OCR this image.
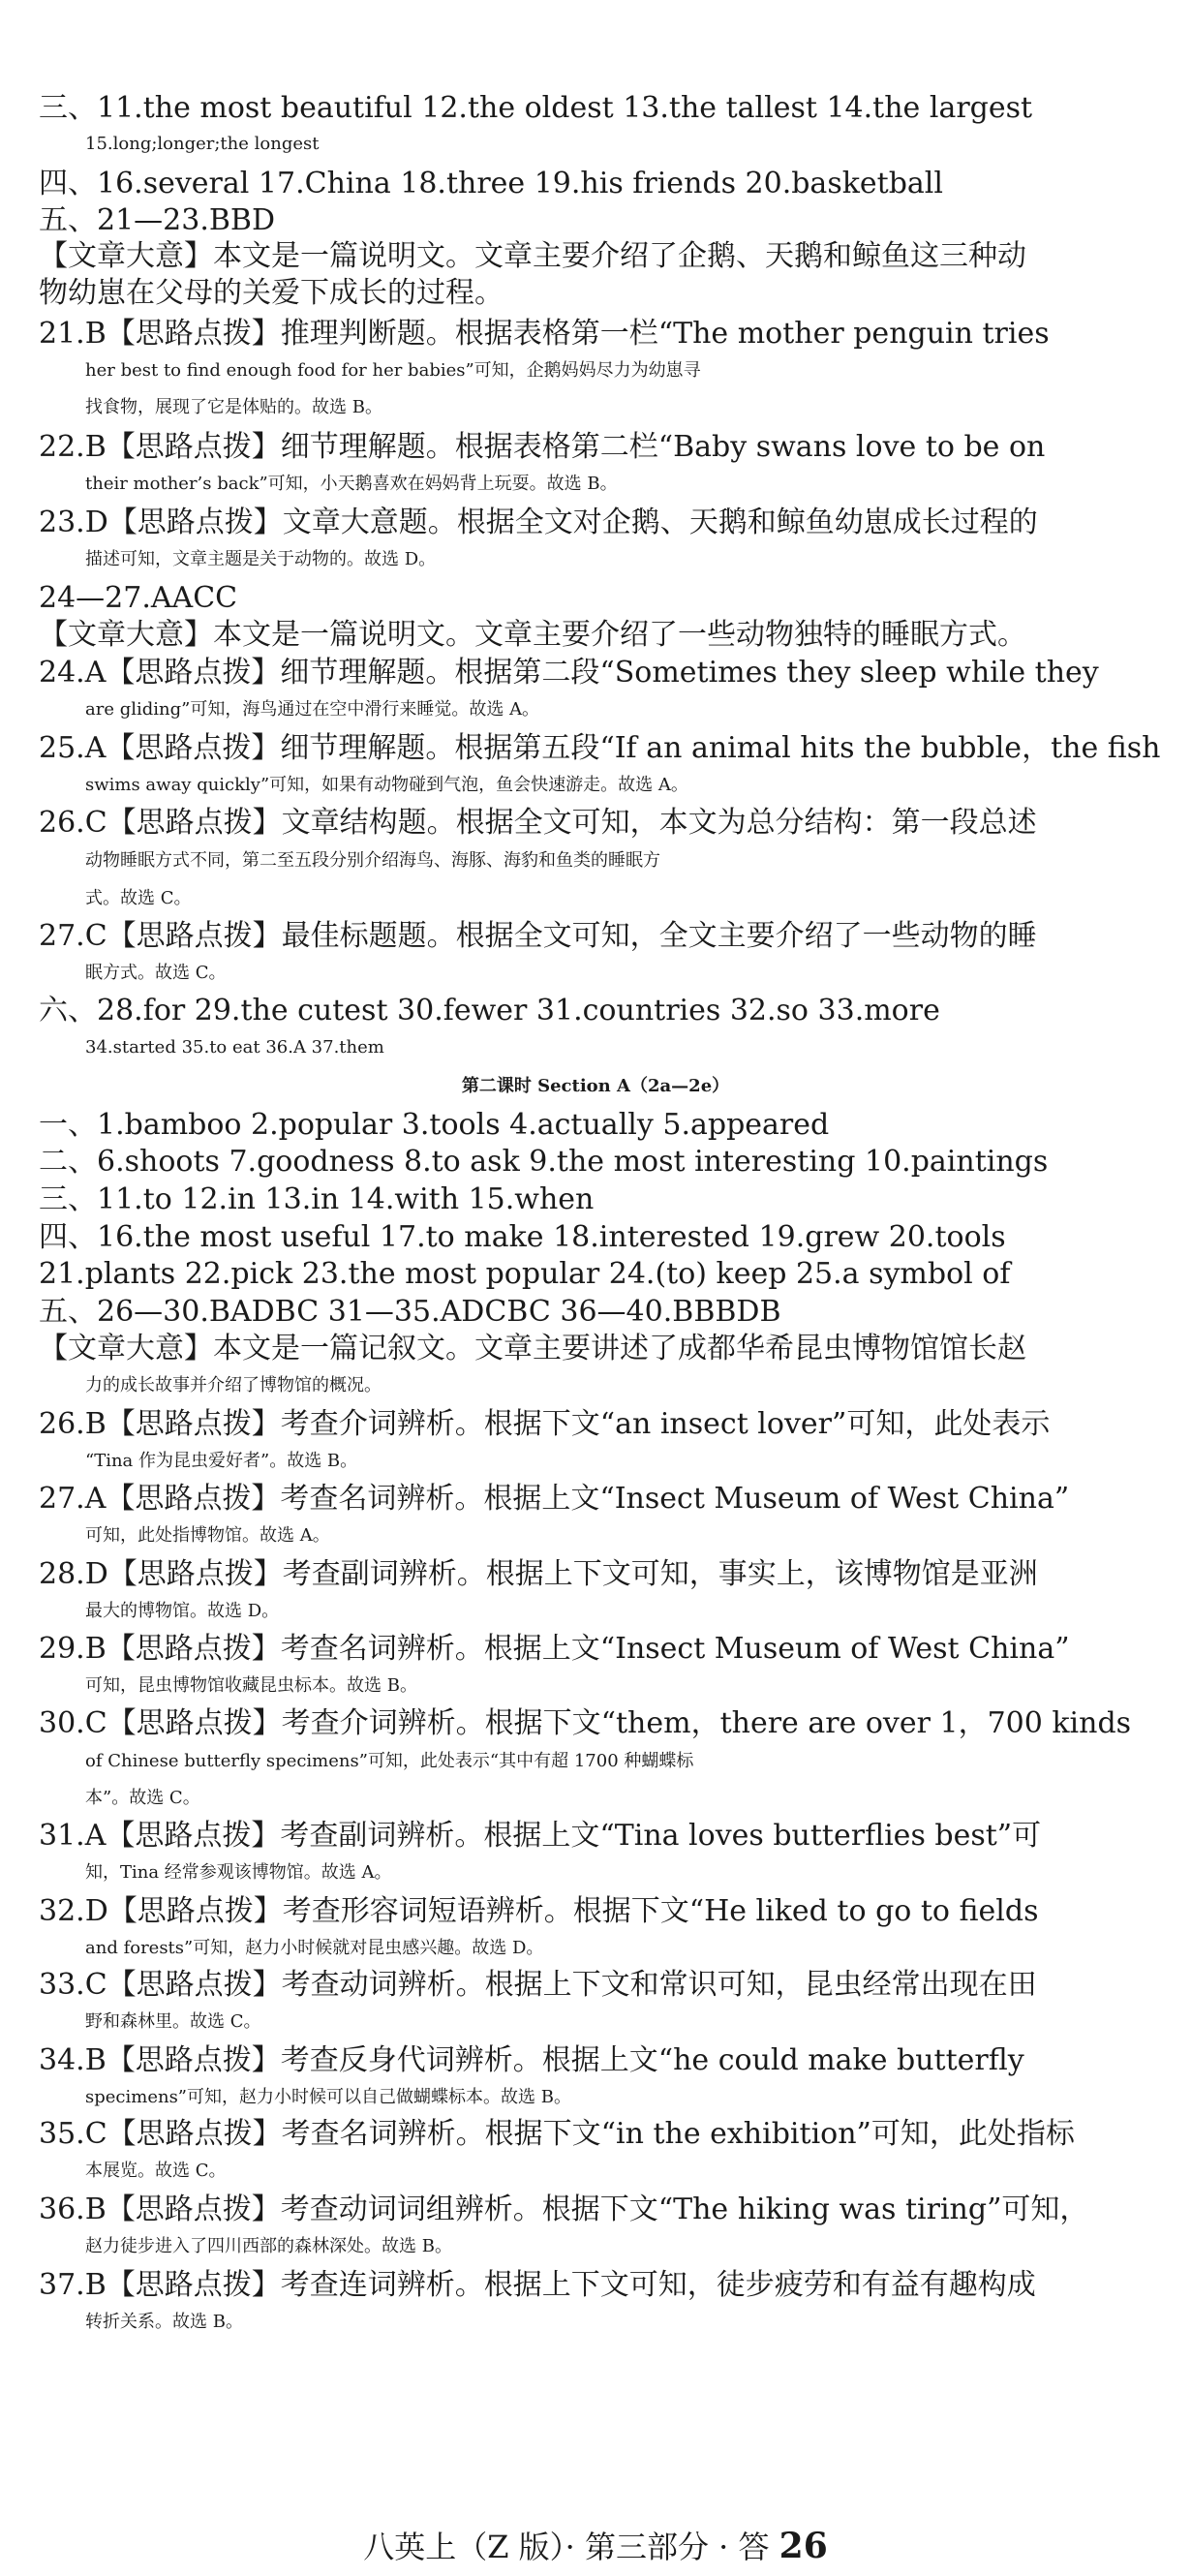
三、11.the most beautiful 12.the oldest 13.the tallest 14.the largest
15.long;longer;the longest
四、16.several 17.China 18.three 19.his friends 20.basketball
五、21—23.BBD
【文章大意】本文是一篇说明文。文章主要介绍了企鹅、天鹅和鲸鱼这三种动
物幼崽在父母的关爱下成长的过程。
21.B【思路点拨】推理判断题。根据表格第一栏“The mother penguin tries
her best to find enough food for her babies”可知，企鹅妈妈尽力为幼崽寻
找食物，展现了它是体贴的。故选 B。
22.B【思路点拨】细节理解题。根据表格第二栏“Baby swans love to be on
their mother’s back”可知，小天鹅喜欢在妈妈背上玩耍。故选 B。
23.D【思路点拨】文章大意题。根据全文对企鹅、天鹅和鲸鱼幼崽成长过程的
描述可知，文章主题是关于动物的。故选 D。
24—27.AACC
【文章大意】本文是一篇说明文。文章主要介绍了一些动物独特的睡眠方式。
24.A【思路点拨】细节理解题。根据第二段“Sometimes they sleep while they
are gliding”可知，海鸟通过在空中滑行来睡觉。故选 A。
25.A【思路点拨】细节理解题。根据第五段“If an animal hits the bubble，the fish
swims away quickly”可知，如果有动物碰到气泡，鱼会快速游走。故选 A。
26.C【思路点拨】文章结构题。根据全文可知，本文为总分结构：第一段总述
动物睡眠方式不同，第二至五段分别介绍海鸟、海豚、海豹和鱼类的睡眠方
式。故选 C。
27.C【思路点拨】最佳标题题。根据全文可知，全文主要介绍了一些动物的睡
眠方式。故选 C。
六、28.for 29.the cutest 30.fewer 31.countries 32.so 33.more
34.started 35.to eat 36.A 37.them
第二课时 Section A（2a—2e）
一、1.bamboo 2.popular 3.tools 4.actually 5.appeared
二、6.shoots 7.goodness 8.to ask 9.the most interesting 10.paintings
三、11.to 12.in 13.in 14.with 15.when
四、16.the most useful 17.to make 18.interested 19.grew 20.tools
21.plants 22.pick 23.the most popular 24.(to) keep 25.a symbol of
五、26—30.BADBC 31—35.ADCBC 36—40.BBBDB
【文章大意】本文是一篇记叙文。文章主要讲述了成都华希昆虫博物馆馆长赵
力的成长故事并介绍了博物馆的概况。
26.B【思路点拨】考查介词辨析。根据下文“an insect lover”可知，此处表示
“Tina 作为昆虫爱好者”。故选 B。
27.A【思路点拨】考查名词辨析。根据上文“Insect Museum of West China”
可知，此处指博物馆。故选 A。
28.D【思路点拨】考查副词辨析。根据上下文可知，事实上，该博物馆是亚洲
最大的博物馆。故选 D。
29.B【思路点拨】考查名词辨析。根据上文“Insect Museum of West China”
可知，昆虫博物馆收藏昆虫标本。故选 B。
30.C【思路点拨】考查介词辨析。根据下文“them，there are over 1，700 kinds
of Chinese butterfly specimens”可知，此处表示“其中有超 1700 种蝴蝶标
本”。故选 C。
31.A【思路点拨】考查副词辨析。根据上文“Tina loves butterflies best”可
知，Tina 经常参观该博物馆。故选 A。
32.D【思路点拨】考查形容词短语辨析。根据下文“He liked to go to fields
and forests”可知，赵力小时候就对昆虫感兴趣。故选 D。
33.C【思路点拨】考查动词辨析。根据上下文和常识可知，昆虫经常出现在田
野和森林里。故选 C。
34.B【思路点拨】考查反身代词辨析。根据上文“he could make butterfly
specimens”可知，赵力小时候可以自己做蝴蝶标本。故选 B。
35.C【思路点拨】考查名词辨析。根据下文“in the exhibition”可知，此处指标
本展览。故选 C。
36.B【思路点拨】考查动词词组辨析。根据下文“The hiking was tiring”可知，
赵力徒步进入了四川西部的森林深处。故选 B。
37.B【思路点拨】考查连词辨析。根据上下文可知，徒步疲劳和有益有趣构成
转折关系。故选 B。
八英上（Z 版）· 第三部分 · 答 26
